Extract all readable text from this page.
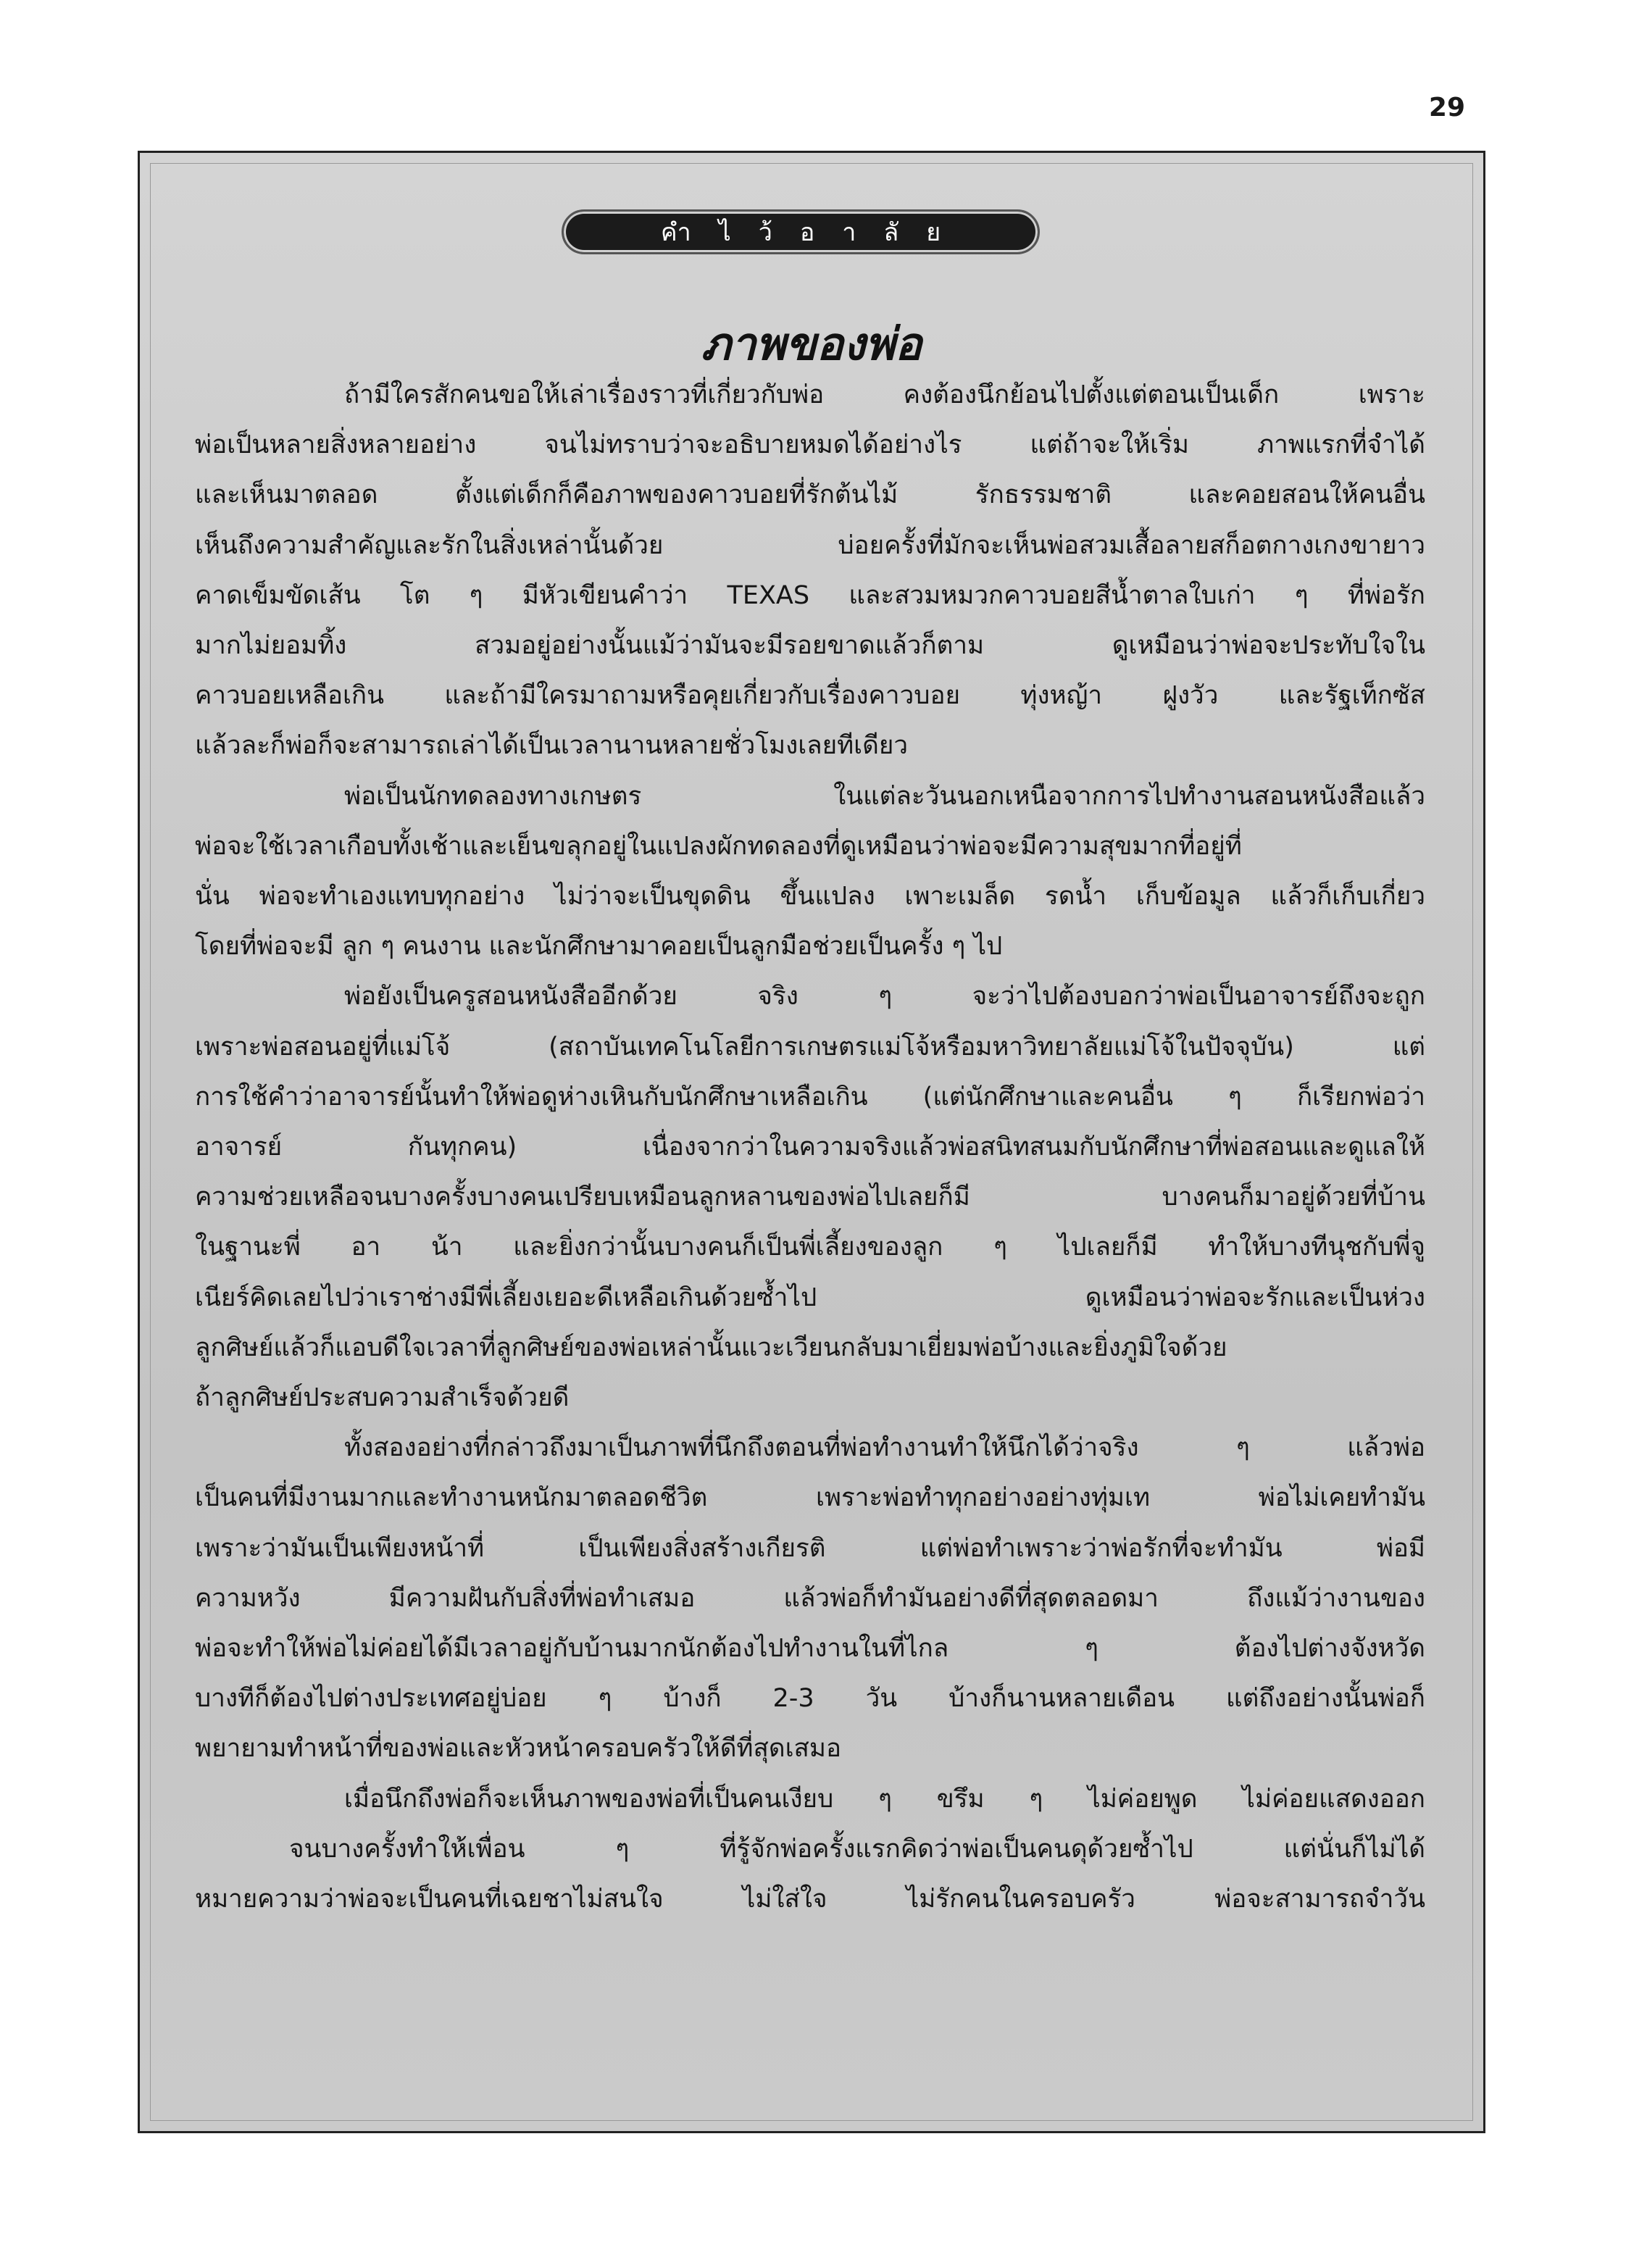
29
คำไว้อาลัย
ภาพของพ่อ
ถ้ามีใครสักคนขอให้เล่าเรื่องราวที่เกี่ยวกับพ่อ คงต้องนึกย้อนไปตั้งแต่ตอนเป็นเด็ก เพราะ
พ่อเป็นหลายสิ่งหลายอย่าง จนไม่ทราบว่าจะอธิบายหมดได้อย่างไร แต่ถ้าจะให้เริ่ม ภาพแรกที่จำได้
และเห็นมาตลอด ตั้งแต่เด็กก็คือภาพของคาวบอยที่รักต้นไม้ รักธรรมชาติ และคอยสอนให้คนอื่น
เห็นถึงความสำคัญและรักในสิ่งเหล่านั้นด้วย บ่อยครั้งที่มักจะเห็นพ่อสวมเสื้อลายสก็อตกางเกงขายาว
คาดเข็มขัดเส้น โต ๆ มีหัวเขียนคำว่า TEXAS และสวมหมวกคาวบอยสีน้ำตาลใบเก่า ๆ ที่พ่อรัก
มากไม่ยอมทิ้ง สวมอยู่อย่างนั้นแม้ว่ามันจะมีรอยขาดแล้วก็ตาม ดูเหมือนว่าพ่อจะประทับใจใน
คาวบอยเหลือเกิน และถ้ามีใครมาถามหรือคุยเกี่ยวกับเรื่องคาวบอย ทุ่งหญ้า ฝูงวัว และรัฐเท็กซัส
แล้วละก็พ่อก็จะสามารถเล่าได้เป็นเวลานานหลายชั่วโมงเลยทีเดียว
พ่อเป็นนักทดลองทางเกษตร ในแต่ละวันนอกเหนือจากการไปทำงานสอนหนังสือแล้ว
พ่อจะใช้เวลาเกือบทั้งเช้าและเย็นขลุกอยู่ในแปลงผักทดลองที่ดูเหมือนว่าพ่อจะมีความสุขมากที่อยู่ที่
นั่น พ่อจะทำเองแทบทุกอย่าง ไม่ว่าจะเป็นขุดดิน ขึ้นแปลง เพาะเมล็ด รดน้ำ เก็บข้อมูล แล้วก็เก็บเกี่ยว
โดยที่พ่อจะมี ลูก ๆ คนงาน และนักศึกษามาคอยเป็นลูกมือช่วยเป็นครั้ง ๆ ไป
พ่อยังเป็นครูสอนหนังสืออีกด้วย จริง ๆ จะว่าไปต้องบอกว่าพ่อเป็นอาจารย์ถึงจะถูก
เพราะพ่อสอนอยู่ที่แม่โจ้ (สถาบันเทคโนโลยีการเกษตรแม่โจ้หรือมหาวิทยาลัยแม่โจ้ในปัจจุบัน) แต่
การใช้คำว่าอาจารย์นั้นทำให้พ่อดูห่างเหินกับนักศึกษาเหลือเกิน (แต่นักศึกษาและคนอื่น ๆ ก็เรียกพ่อว่า
อาจารย์ กันทุกคน) เนื่องจากว่าในความจริงแล้วพ่อสนิทสนมกับนักศึกษาที่พ่อสอนและดูแลให้
ความช่วยเหลือจนบางครั้งบางคนเปรียบเหมือนลูกหลานของพ่อไปเลยก็มี บางคนก็มาอยู่ด้วยที่บ้าน
ในฐานะพี่ อา น้า และยิ่งกว่านั้นบางคนก็เป็นพี่เลี้ยงของลูก ๆ ไปเลยก็มี ทำให้บางทีนุชกับพี่จู
เนียร์คิดเลยไปว่าเราช่างมีพี่เลี้ยงเยอะดีเหลือเกินด้วยซ้ำไป ดูเหมือนว่าพ่อจะรักและเป็นห่วง
ลูกศิษย์แล้วก็แอบดีใจเวลาที่ลูกศิษย์ของพ่อเหล่านั้นแวะเวียนกลับมาเยี่ยมพ่อบ้างและยิ่งภูมิใจด้วย
ถ้าลูกศิษย์ประสบความสำเร็จด้วยดี
ทั้งสองอย่างที่กล่าวถึงมาเป็นภาพที่นึกถึงตอนที่พ่อทำงานทำให้นึกได้ว่าจริง ๆ แล้วพ่อ
เป็นคนที่มีงานมากและทำงานหนักมาตลอดชีวิต เพราะพ่อทำทุกอย่างอย่างทุ่มเท พ่อไม่เคยทำมัน
เพราะว่ามันเป็นเพียงหน้าที่ เป็นเพียงสิ่งสร้างเกียรติ แต่พ่อทำเพราะว่าพ่อรักที่จะทำมัน พ่อมี
ความหวัง มีความฝันกับสิ่งที่พ่อทำเสมอ แล้วพ่อก็ทำมันอย่างดีที่สุดตลอดมา ถึงแม้ว่างานของ
พ่อจะทำให้พ่อไม่ค่อยได้มีเวลาอยู่กับบ้านมากนักต้องไปทำงานในที่ไกล ๆ ต้องไปต่างจังหวัด
บางทีก็ต้องไปต่างประเทศอยู่บ่อย ๆ บ้างก็ 2-3 วัน บ้างก็นานหลายเดือน แต่ถึงอย่างนั้นพ่อก็
พยายามทำหน้าที่ของพ่อและหัวหน้าครอบครัวให้ดีที่สุดเสมอ
เมื่อนึกถึงพ่อก็จะเห็นภาพของพ่อที่เป็นคนเงียบ ๆ ขรึม ๆ ไม่ค่อยพูด ไม่ค่อยแสดงออก
จนบางครั้งทำให้เพื่อน ๆ ที่รู้จักพ่อครั้งแรกคิดว่าพ่อเป็นคนดุด้วยซ้ำไป แต่นั่นก็ไม่ได้
หมายความว่าพ่อจะเป็นคนที่เฉยชาไม่สนใจ ไม่ใส่ใจ ไม่รักคนในครอบครัว พ่อจะสามารถจำวัน
